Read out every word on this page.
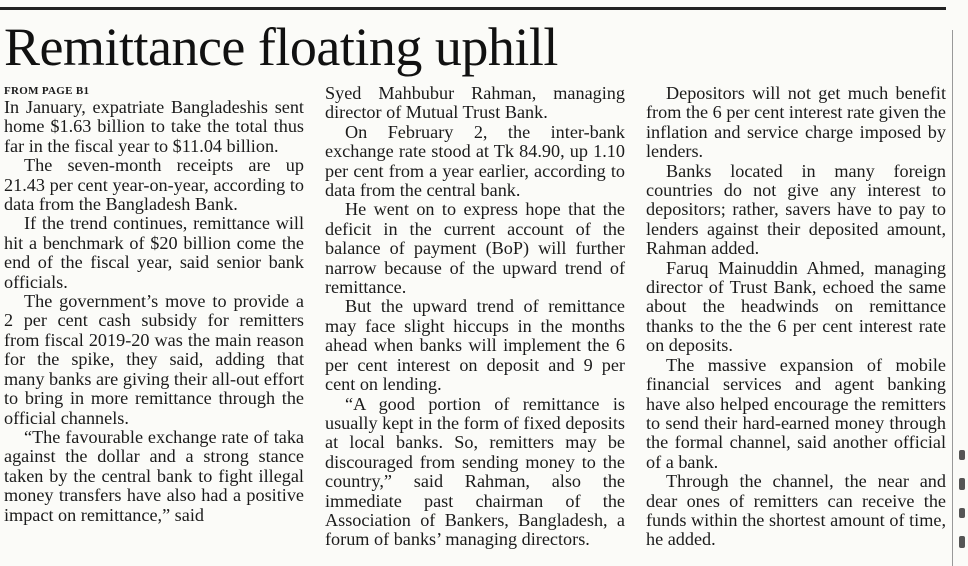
Remittance floating uphill
FROM PAGE B1

In January, expatriate Bangladeshis sent home $1.63 billion to take the total thus far in the fiscal year to $11.04 billion.

The seven-month receipts are up 21.43 per cent year-on-year, according to data from the Bangladesh Bank.

If the trend continues, remittance will hit a benchmark of $20 billion come the end of the fiscal year, said senior bank officials.

The government’s move to provide a 2 per cent cash subsidy for remitters from fiscal 2019-20 was the main reason for the spike, they said, adding that many banks are giving their all-out effort to bring in more remittance through the official channels.

“The favourable exchange rate of taka against the dollar and a strong stance taken by the central bank to fight illegal money transfers have also had a positive impact on remittance,” said

Syed Mahbubur Rahman, managing director of Mutual Trust Bank.

On February 2, the inter-bank exchange rate stood at Tk 84.90, up 1.10 per cent from a year earlier, according to data from the central bank.

He went on to express hope that the deficit in the current account of the balance of payment (BoP) will further narrow because of the upward trend of remittance.

But the upward trend of remittance may face slight hiccups in the months ahead when banks will implement the 6 per cent interest on deposit and 9 per cent on lending.

“A good portion of remittance is usually kept in the form of fixed deposits at local banks. So, remitters may be discouraged from sending money to the country,” said Rahman, also the immediate past chairman of the Association of Bankers, Bangladesh, a forum of banks’ managing directors.

Depositors will not get much benefit from the 6 per cent interest rate given the inflation and service charge imposed by lenders.

Banks located in many foreign countries do not give any interest to depositors; rather, savers have to pay to lenders against their deposited amount, Rahman added.

Faruq Mainuddin Ahmed, managing director of Trust Bank, echoed the same about the headwinds on remittance thanks to the the 6 per cent interest rate on deposits.

The massive expansion of mobile financial services and agent banking have also helped encourage the remitters to send their hard-earned money through the formal channel, said another official of a bank.

Through the channel, the near and dear ones of remitters can receive the funds within the shortest amount of time, he added.
